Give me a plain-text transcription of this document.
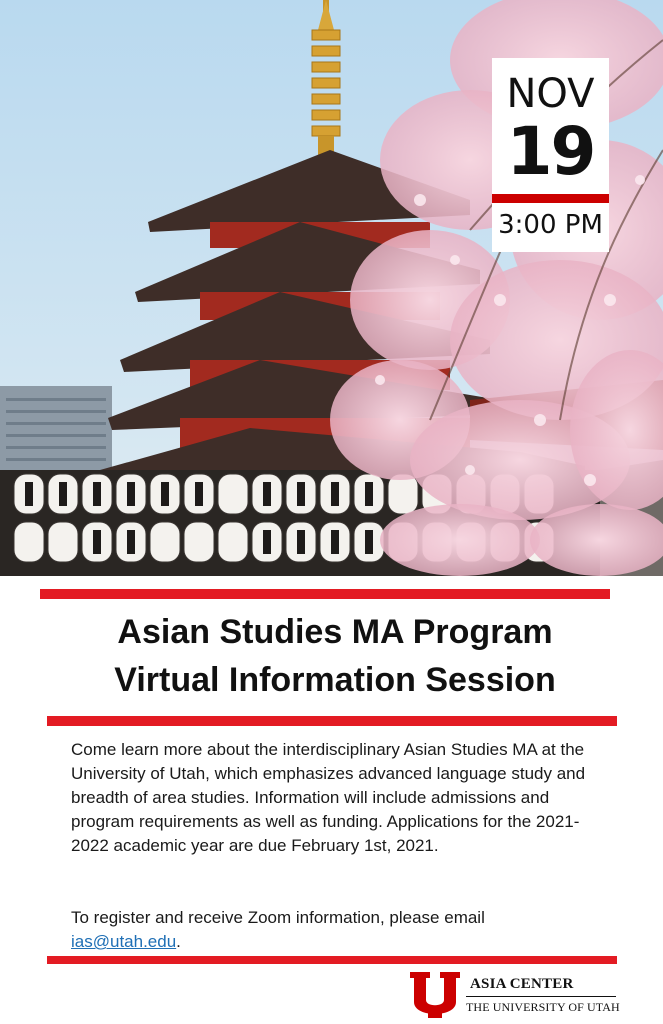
NOV
19
3:00 PM
Asian Studies MA Program
Virtual Information Session

Come learn more about the interdisciplinary Asian Studies MA at the University of Utah, which emphasizes advanced language study and breadth of area studies. Information will include admissions and program requirements as well as funding. Applications for the 2021-2022 academic year are due February 1st, 2021.

To register and receive Zoom information, please email
ias@utah.edu.

ASIA CENTER
THE UNIVERSITY OF UTAH
